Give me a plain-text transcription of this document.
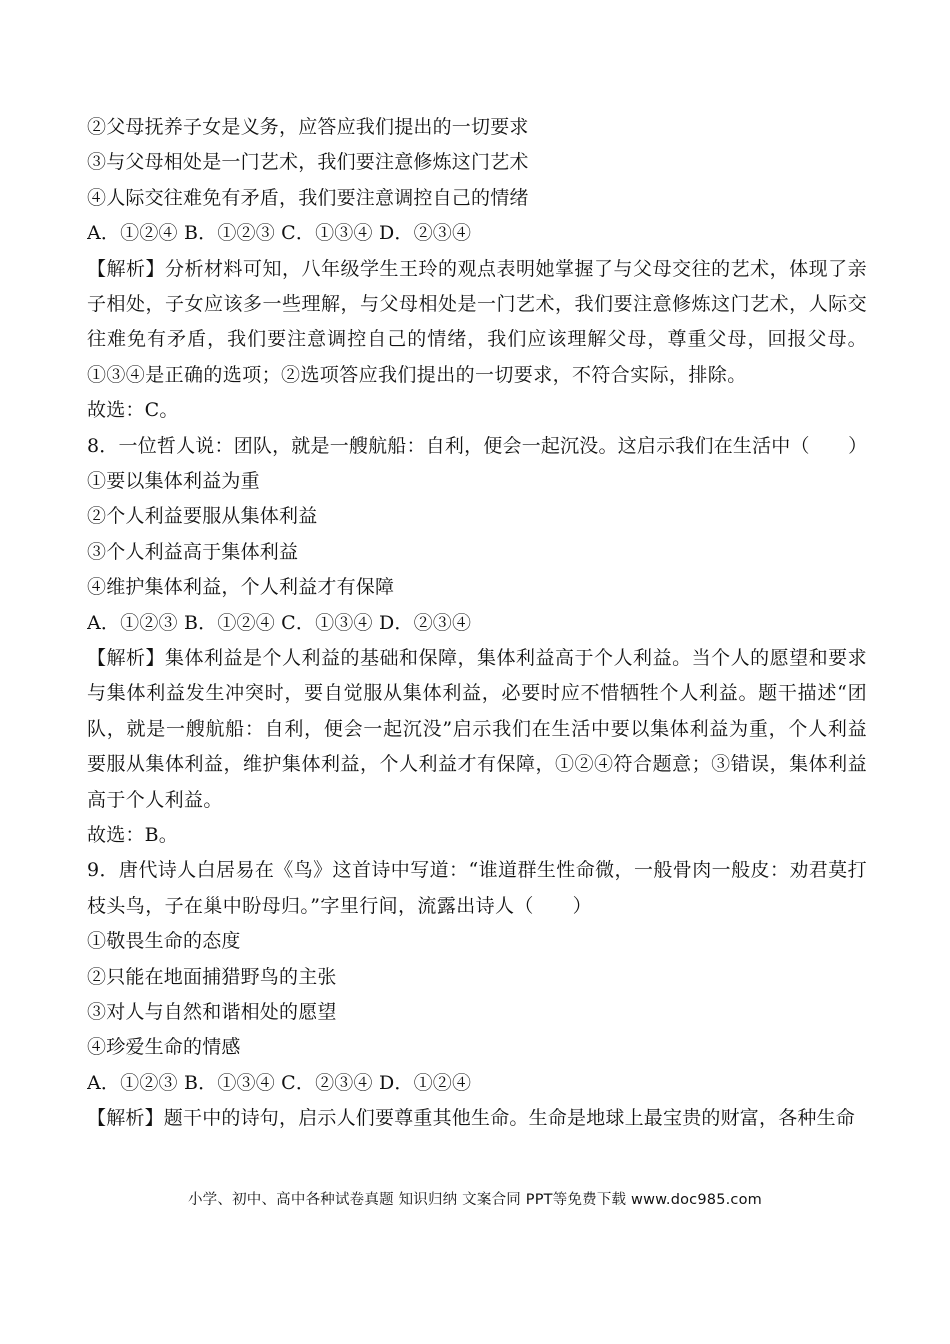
②父母抚养子女是义务，应答应我们提出的一切要求
③与父母相处是一门艺术，我们要注意修炼这门艺术
④人际交往难免有矛盾，我们要注意调控自己的情绪
A．①②④ B．①②③ C．①③④ D．②③④
【解析】分析材料可知，八年级学生王玲的观点表明她掌握了与父母交往的艺术，体现了亲子相处，子女应该多一些理解，与父母相处是一门艺术，我们要注意修炼这门艺术，人际交往难免有矛盾，我们要注意调控自己的情绪，我们应该理解父母，尊重父母，回报父母。①③④是正确的选项；②选项答应我们提出的一切要求，不符合实际，排除。
故选：C。
8．一位哲人说：团队，就是一艘航船：自利，便会一起沉没。这启示我们在生活中（　　）
①要以集体利益为重
②个人利益要服从集体利益
③个人利益高于集体利益
④维护集体利益，个人利益才有保障
A．①②③ B．①②④ C．①③④ D．②③④
【解析】集体利益是个人利益的基础和保障，集体利益高于个人利益。当个人的愿望和要求与集体利益发生冲突时，要自觉服从集体利益，必要时应不惜牺牲个人利益。题干描述“团队，就是一艘航船：自利，便会一起沉没”启示我们在生活中要以集体利益为重，个人利益要服从集体利益，维护集体利益，个人利益才有保障，①②④符合题意；③错误，集体利益高于个人利益。
故选：B。
9．唐代诗人白居易在《鸟》这首诗中写道：“谁道群生性命微，一般骨肉一般皮：劝君莫打枝头鸟，子在巢中盼母归。”字里行间，流露出诗人（　　）
①敬畏生命的态度
②只能在地面捕猎野鸟的主张
③对人与自然和谐相处的愿望
④珍爱生命的情感
A．①②③ B．①③④ C．②③④ D．①②④
【解析】题干中的诗句，启示人们要尊重其他生命。生命是地球上最宝贵的财富，各种生命
小学、初中、高中各种试卷真题 知识归纳 文案合同 PPT等免费下载 www.doc985.com
